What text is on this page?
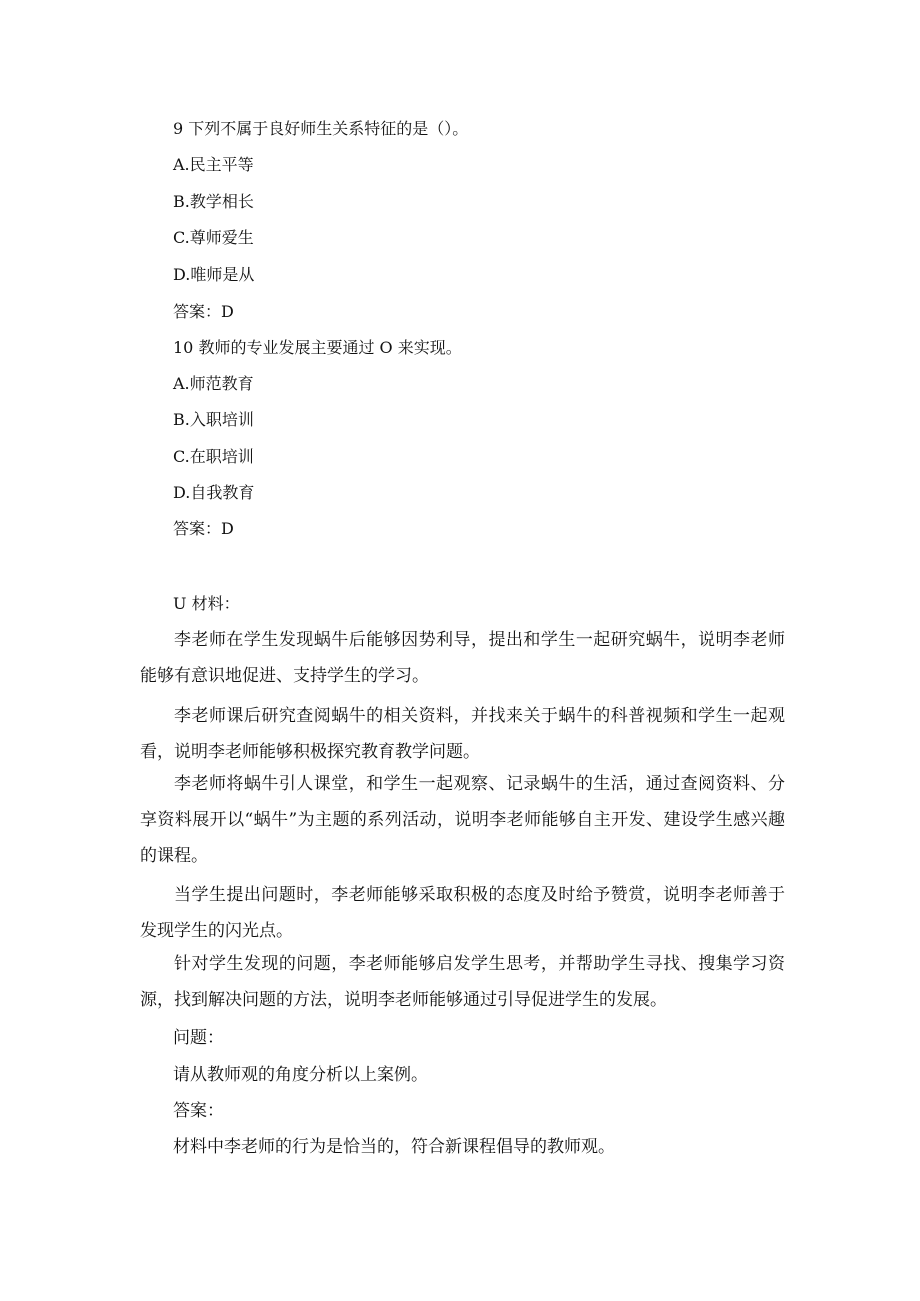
9 下列不属于良好师生关系特征的是（）。
A.民主平等
B.教学相长
C.尊师爱生
D.唯师是从
答案：D
10 教师的专业发展主要通过 O 来实现。
A.师范教育
B.入职培训
C.在职培训
D.自我教育
答案：D
U 材料：

李老师在学生发现蜗牛后能够因势利导，提出和学生一起研究蜗牛，说明李老师能够有意识地促进、支持学生的学习。

李老师课后研究查阅蜗牛的相关资料，并找来关于蜗牛的科普视频和学生一起观看，说明李老师能够积极探究教育教学问题。

李老师将蜗牛引人课堂，和学生一起观察、记录蜗牛的生活，通过查阅资料、分享资料展开以“蜗牛”为主题的系列活动，说明李老师能够自主开发、建设学生感兴趣的课程。

当学生提出问题时，李老师能够采取积极的态度及时给予赞赏，说明李老师善于发现学生的闪光点。

针对学生发现的问题，李老师能够启发学生思考，并帮助学生寻找、搜集学习资源，找到解决问题的方法，说明李老师能够通过引导促进学生的发展。

问题：
请从教师观的角度分析以上案例。
答案：
材料中李老师的行为是恰当的，符合新课程倡导的教师观。
